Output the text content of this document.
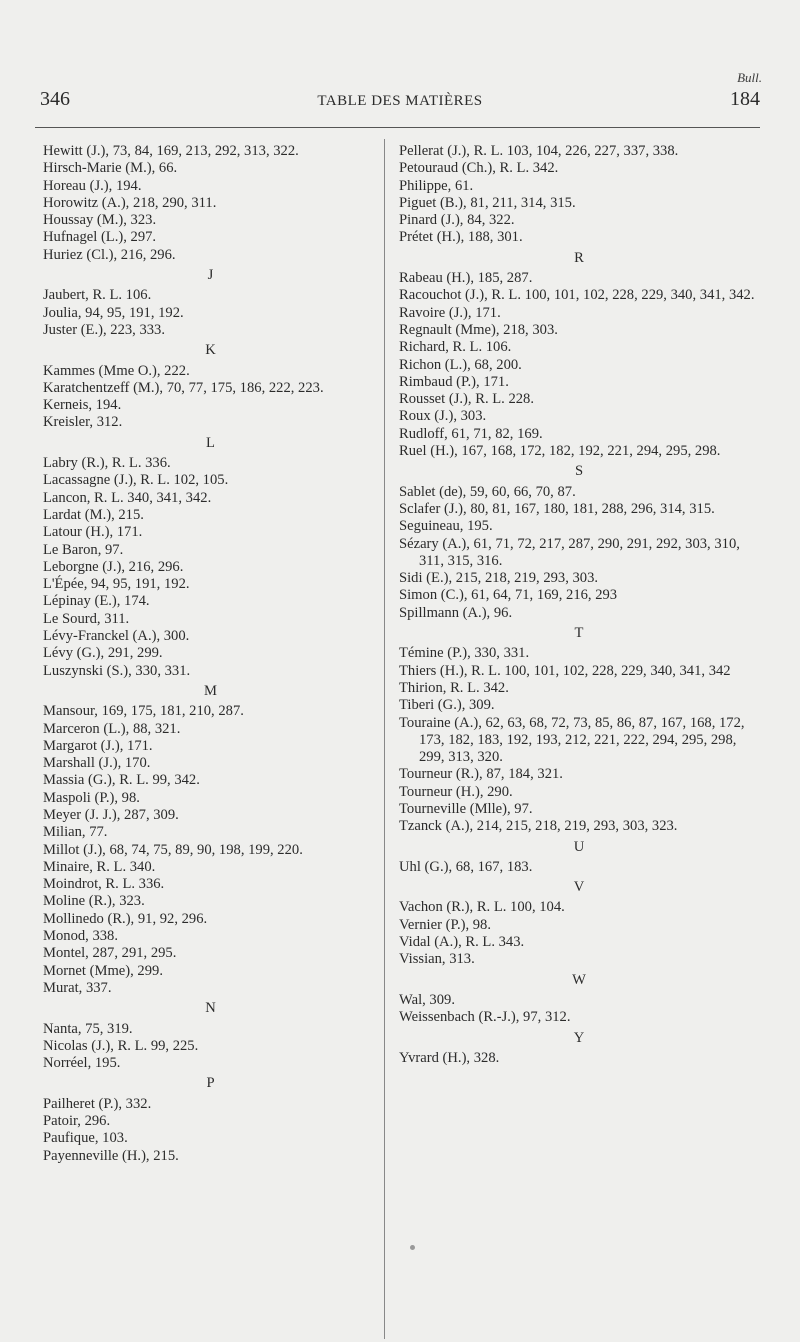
Bull.
346	TABLE DES MATIÈRES	184
Hewitt (J.), 73, 84, 169, 213, 292, 313, 322.
Hirsch-Marie (M.), 66.
Horeau (J.), 194.
Horowitz (A.), 218, 290, 311.
Houssay (M.), 323.
Hufnagel (L.), 297.
Huriez (Cl.), 216, 296.
J
Jaubert, R. L. 106.
Joulia, 94, 95, 191, 192.
Juster (E.), 223, 333.
K
Kammes (Mme O.), 222.
Karatchentzeff (M.), 70, 77, 175, 186, 222, 223.
Kerneis, 194.
Kreisler, 312.
L
Labry (R.), R. L. 336.
Lacassagne (J.), R. L. 102, 105.
Lancon, R. L. 340, 341, 342.
Lardat (M.), 215.
Latour (H.), 171.
Le Baron, 97.
Leborgne (J.), 216, 296.
L'Épée, 94, 95, 191, 192.
Lépinay (E.), 174.
Le Sourd, 311.
Lévy-Franckel (A.), 300.
Lévy (G.), 291, 299.
Luszynski (S.), 330, 331.
M
Mansour, 169, 175, 181, 210, 287.
Marceron (L.), 88, 321.
Margarot (J.), 171.
Marshall (J.), 170.
Massia (G.), R. L. 99, 342.
Maspoli (P.), 98.
Meyer (J. J.), 287, 309.
Milian, 77.
Millot (J.), 68, 74, 75, 89, 90, 198, 199, 220.
Minaire, R. L. 340.
Moindrot, R. L. 336.
Moline (R.), 323.
Mollinedo (R.), 91, 92, 296.
Monod, 338.
Montel, 287, 291, 295.
Mornet (Mme), 299.
Murat, 337.
N
Nanta, 75, 319.
Nicolas (J.), R. L. 99, 225.
Norréel, 195.
P
Pailheret (P.), 332.
Patoir, 296.
Paufique, 103.
Payenneville (H.), 215.
Pellerat (J.), R. L. 103, 104, 226, 227, 337, 338.
Petouraud (Ch.), R. L. 342.
Philippe, 61.
Piguet (B.), 81, 211, 314, 315.
Pinard (J.), 84, 322.
Prétet (H.), 188, 301.
R
Rabeau (H.), 185, 287.
Racouchot (J.), R. L. 100, 101, 102, 228, 229, 340, 341, 342.
Ravoire (J.), 171.
Regnault (Mme), 218, 303.
Richard, R. L. 106.
Richon (L.), 68, 200.
Rimbaud (P.), 171.
Rousset (J.), R. L. 228.
Roux (J.), 303.
Rudloff, 61, 71, 82, 169.
Ruel (H.), 167, 168, 172, 182, 192, 221, 294, 295, 298.
S
Sablet (de), 59, 60, 66, 70, 87.
Sclafer (J.), 80, 81, 167, 180, 181, 288, 296, 314, 315.
Seguineau, 195.
Sézary (A.), 61, 71, 72, 217, 287, 290, 291, 292, 303, 310, 311, 315, 316.
Sidi (E.), 215, 218, 219, 293, 303.
Simon (C.), 61, 64, 71, 169, 216, 293
Spillmann (A.), 96.
T
Témine (P.), 330, 331.
Thiers (H.), R. L. 100, 101, 102, 228, 229, 340, 341, 342
Thirion, R. L. 342.
Tiberi (G.), 309.
Touraine (A.), 62, 63, 68, 72, 73, 85, 86, 87, 167, 168, 172, 173, 182, 183, 192, 193, 212, 221, 222, 294, 295, 298, 299, 313, 320.
Tourneur (R.), 87, 184, 321.
Tourneur (H.), 290.
Tourneville (Mlle), 97.
Tzanck (A.), 214, 215, 218, 219, 293, 303, 323.
U
Uhl (G.), 68, 167, 183.
V
Vachon (R.), R. L. 100, 104.
Vernier (P.), 98.
Vidal (A.), R. L. 343.
Vissian, 313.
W
Wal, 309.
Weissenbach (R.-J.), 97, 312.
Y
Yvrard (H.), 328.
